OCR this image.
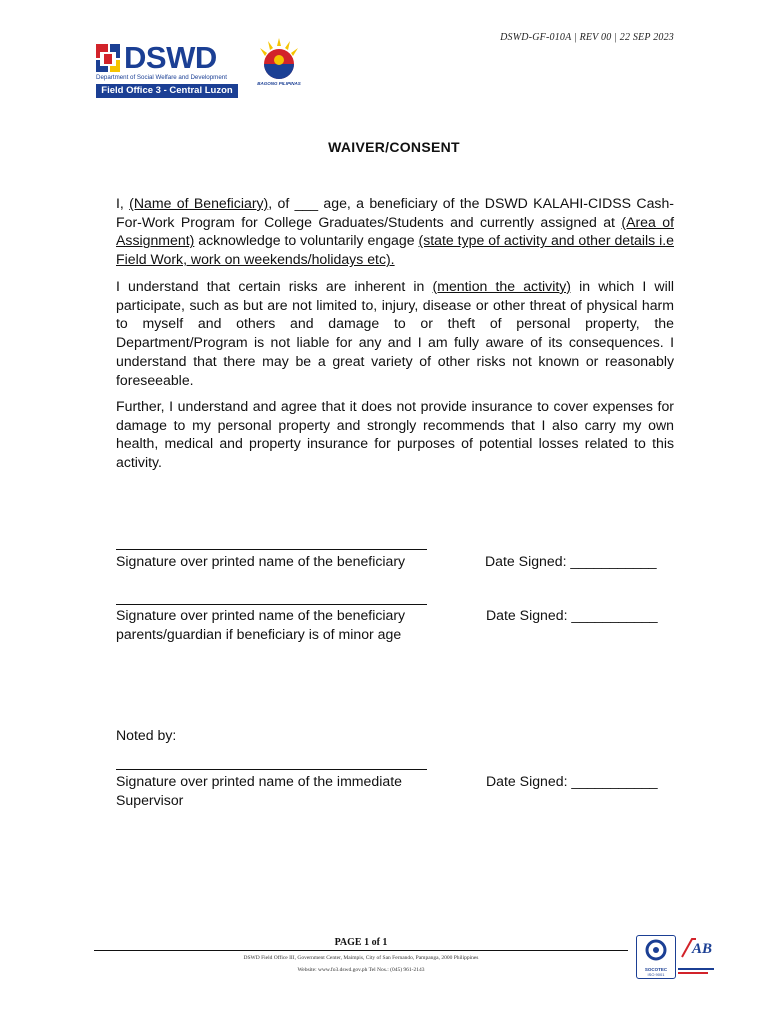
DSWD-GF-010A | REV 00 | 22 SEP 2023
DSWD
Department of Social Welfare and Development
Field Office 3 - Central Luzon
BAGONG PILIPINAS
WAIVER/CONSENT
I, (Name of Beneficiary), of ___ age, a beneficiary of the DSWD KALAHI-CIDSS Cash-For-Work Program for College Graduates/Students and currently assigned at (Area of Assignment) acknowledge to voluntarily engage (state type of activity and other details i.e Field Work, work on weekends/holidays etc).
I understand that certain risks are inherent in (mention the activity) in which I will participate, such as but are not limited to, injury, disease or other threat of physical harm to myself and others and damage to or theft of personal property, the Department/Program is not liable for any and I am fully aware of its consequences. I understand that there may be a great variety of other risks not known or reasonably foreseeable.
Further, I understand and agree that it does not provide insurance to cover expenses for damage to my personal property and strongly recommends that I also carry my own health, medical and property insurance for purposes of potential losses related to this activity.
Signature over printed name of the beneficiary	Date Signed: ___________
Signature over printed name of the beneficiary
parents/guardian if beneficiary is of minor age
Date Signed: ___________
Noted by:
Signature over printed name of the immediate
Supervisor
Date Signed: ___________
PAGE 1 of 1
DSWD Field Office III, Government Center, Maimpis, City of San Fernando, Pampanga, 2000 Philippines
Website: www.fo3.dswd.gov.ph Tel Nos.: (045) 961-2143	SOCOTEC
ISO 9001
AB
